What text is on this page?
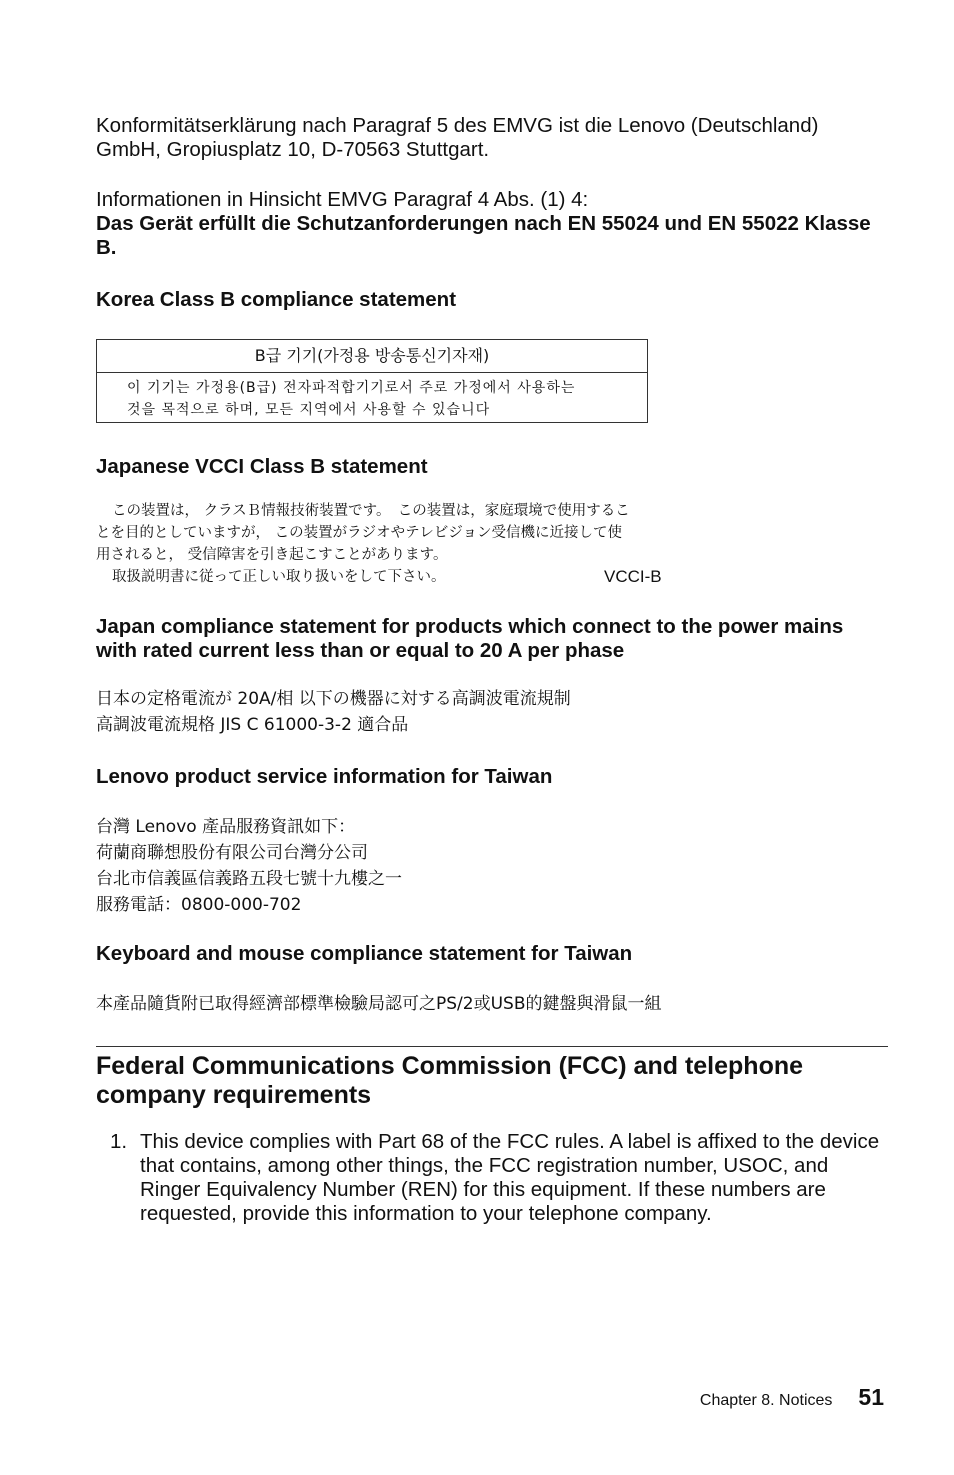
Konformitätserklärung nach Paragraf 5 des EMVG ist die Lenovo (Deutschland) GmbH, Gropiusplatz 10, D-70563 Stuttgart.

Informationen in Hinsicht EMVG Paragraf 4 Abs. (1) 4:

Das Gerät erfüllt die Schutzanforderungen nach EN 55024 und EN 55022 Klasse B.

Korea Class B compliance statement

B급 기기(가정용 방송통신기자재)
이 기기는 가정용(B급) 전자파적합기기로서 주로 가정에서 사용하는
것을 목적으로 하며, 모든 지역에서 사용할 수 있습니다

Japanese VCCI Class B statement

この装置は， クラスＢ情報技術装置です。　この装置は，家庭環境で使用するこ
とを目的としていますが， この装置がラジオやテレビジョン受信機に近接して使
用されると， 受信障害を引き起こすことがあります。
取扱説明書に従って正しい取り扱いをして下さい。	VCCI-B

Japan compliance statement for products which connect to the power mains with rated current less than or equal to 20 A per phase

日本の定格電流が 20A/相 以下の機器に対する高調波電流規制
高調波電流規格 JIS C 61000-3-2 適合品

Lenovo product service information for Taiwan

台灣 Lenovo 產品服務資訊如下：
荷蘭商聯想股份有限公司台灣分公司
台北市信義區信義路五段七號十九樓之一
服務電話：0800-000-702

Keyboard and mouse compliance statement for Taiwan

本產品隨貨附已取得經濟部標準檢驗局認可之PS/2或USB的鍵盤與滑鼠一組
Federal Communications Commission (FCC) and telephone company requirements
1. This device complies with Part 68 of the FCC rules. A label is affixed to the device that contains, among other things, the FCC registration number, USOC, and Ringer Equivalency Number (REN) for this equipment. If these numbers are requested, provide this information to your telephone company.
Chapter 8. Notices 51
